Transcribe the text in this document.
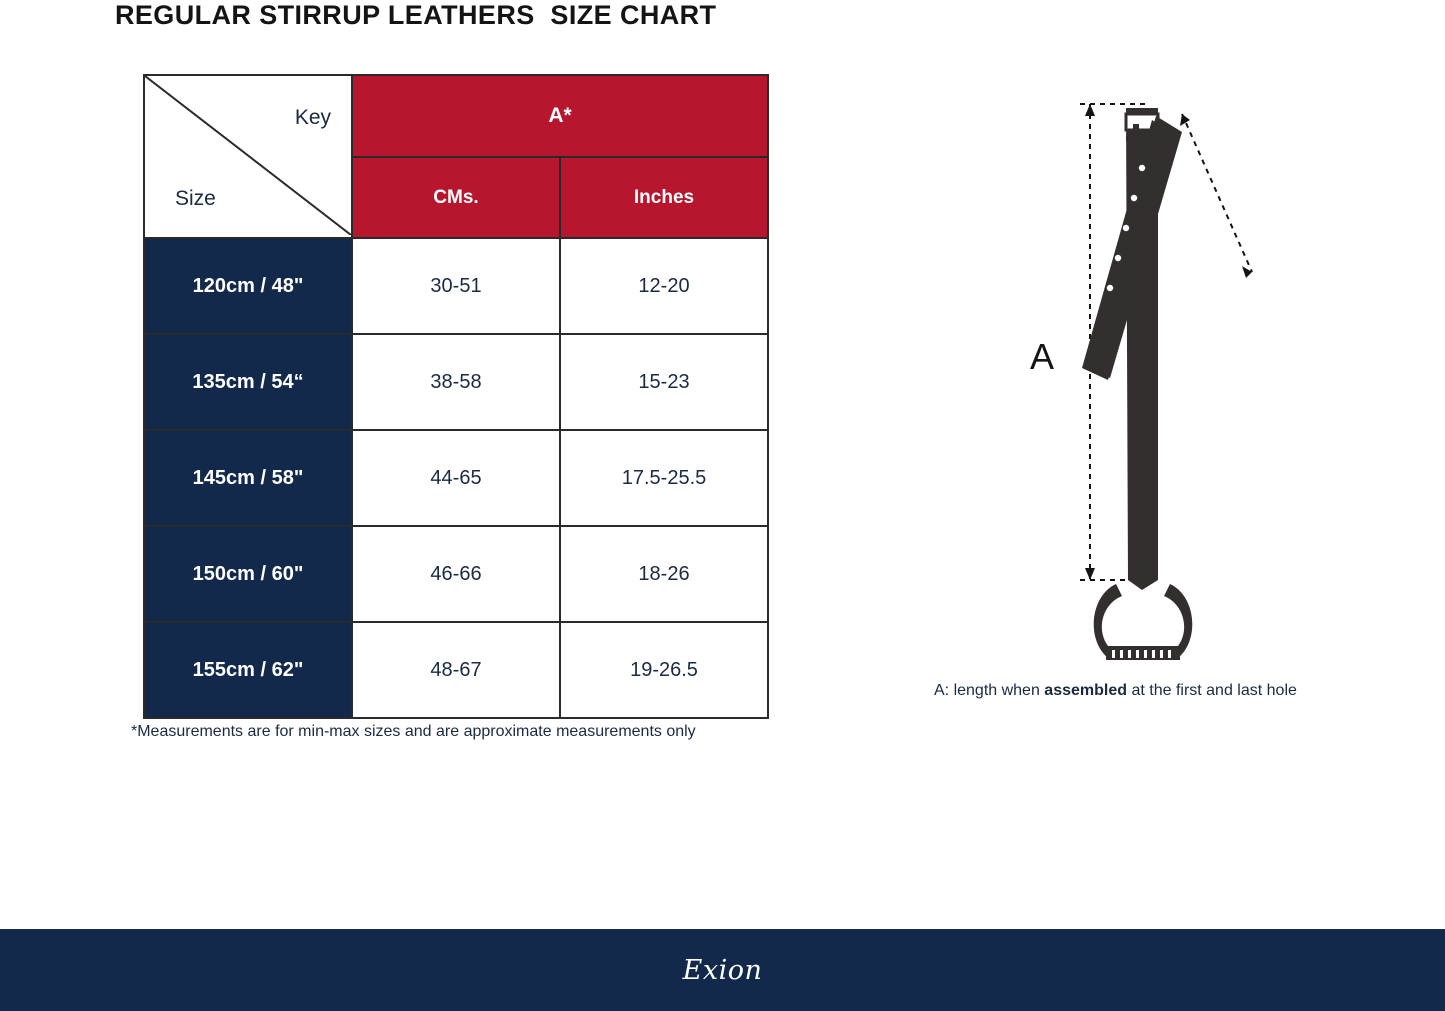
REGULAR STIRRUP LEATHERS  SIZE CHART
Key
Size	A*	
	CMs.	Inches
120cm / 48"	30-51	12-20
135cm / 54“	38-58	15-23
145cm / 58"	44-65	17.5-25.5
150cm / 60"	46-66	18-26
155cm / 62"	48-67	19-26.5
*Measurements are for min-max sizes and are approximate measurements only
A
A: length when assembled at the first and last hole
Exion
